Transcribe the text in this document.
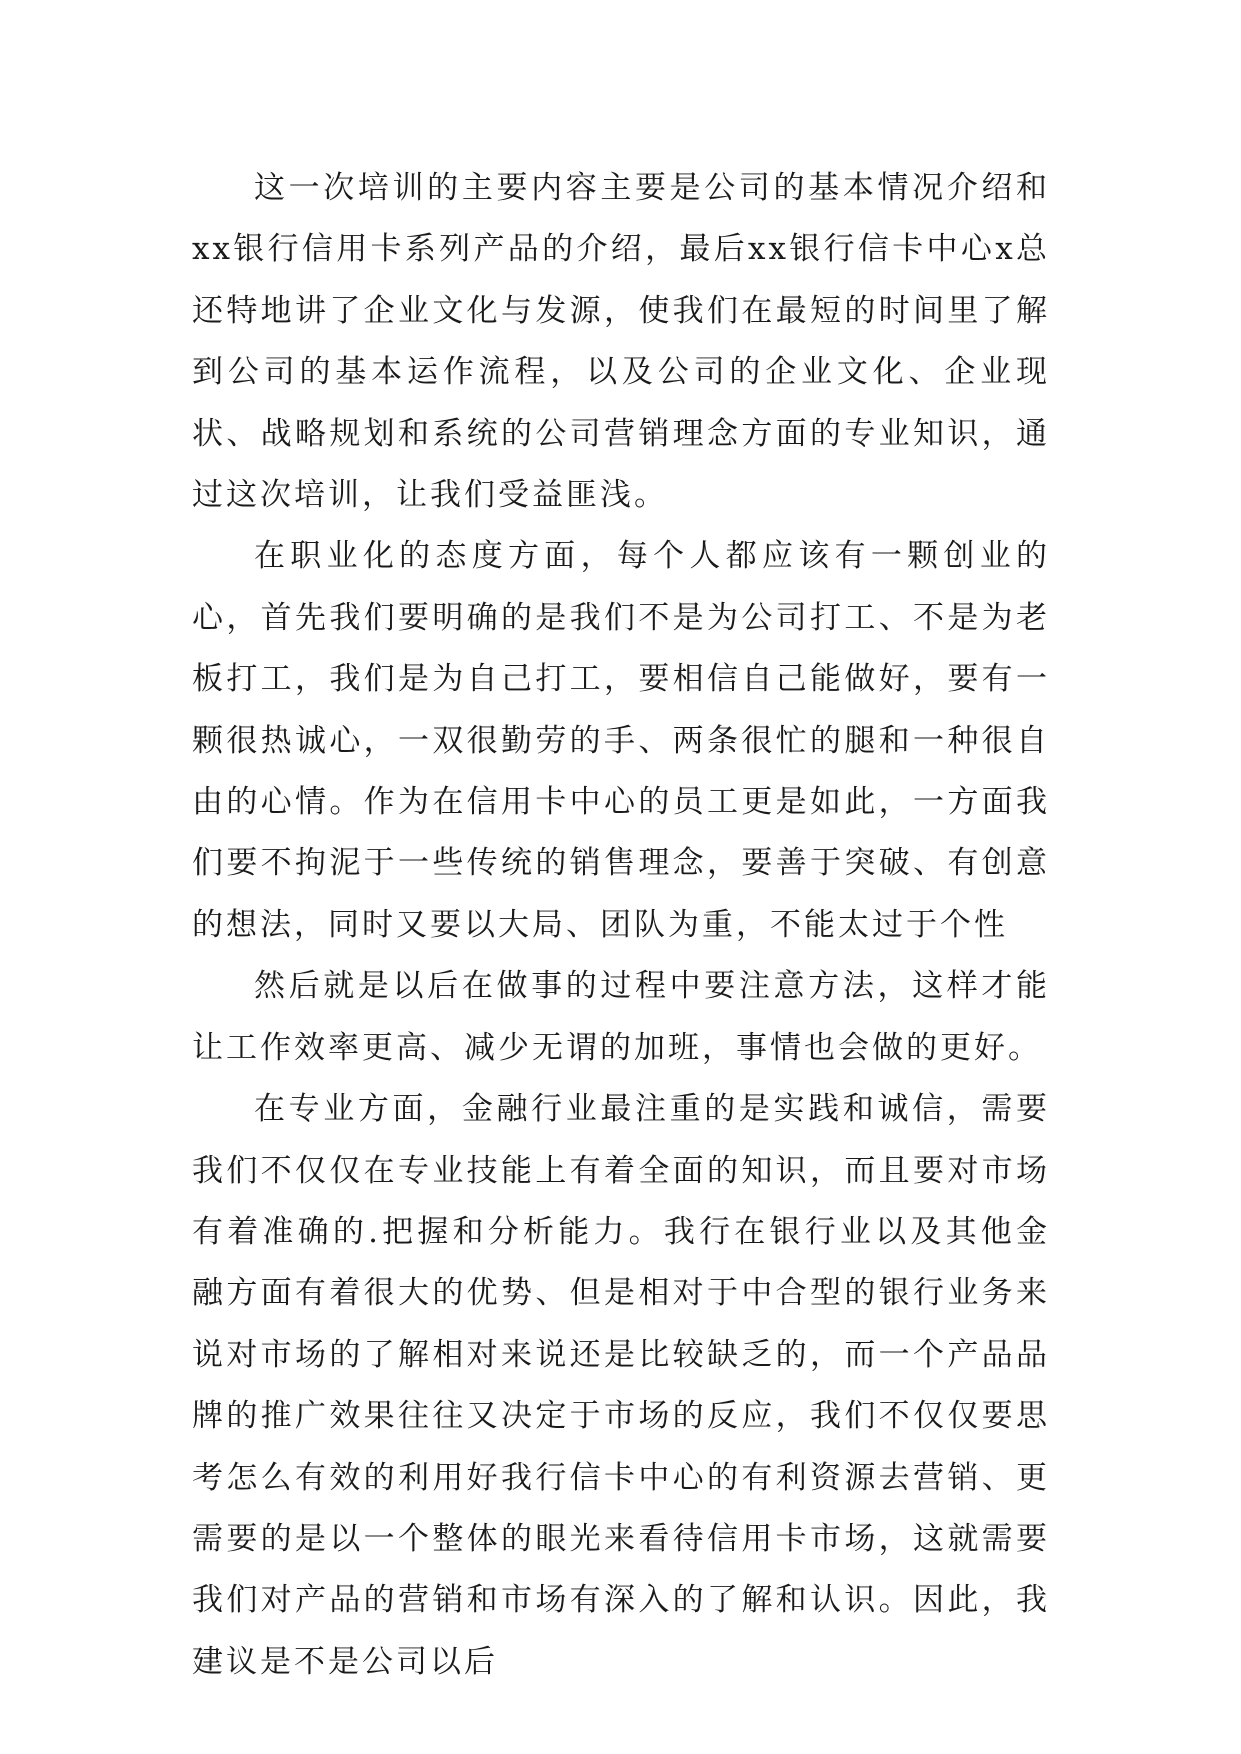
这一次培训的主要内容主要是公司的基本情况介绍和xx银行信用卡系列产品的介绍，最后xx银行信卡中心x总还特地讲了企业文化与发源，使我们在最短的时间里了解到公司的基本运作流程，以及公司的企业文化、企业现状、战略规划和系统的公司营销理念方面的专业知识，通过这次培训，让我们受益匪浅。

在职业化的态度方面，每个人都应该有一颗创业的心，首先我们要明确的是我们不是为公司打工、不是为老板打工，我们是为自己打工，要相信自己能做好，要有一颗很热诚心，一双很勤劳的手、两条很忙的腿和一种很自由的心情。作为在信用卡中心的员工更是如此，一方面我们要不拘泥于一些传统的销售理念，要善于突破、有创意的想法，同时又要以大局、团队为重，不能太过于个性

然后就是以后在做事的过程中要注意方法，这样才能让工作效率更高、减少无谓的加班，事情也会做的更好。

在专业方面，金融行业最注重的是实践和诚信，需要我们不仅仅在专业技能上有着全面的知识，而且要对市场有着准确的.把握和分析能力。我行在银行业以及其他金融方面有着很大的优势、但是相对于中合型的银行业务来说对市场的了解相对来说还是比较缺乏的，而一个产品品牌的推广效果往往又决定于市场的反应，我们不仅仅要思考怎么有效的利用好我行信卡中心的有利资源去营销、更需要的是以一个整体的眼光来看待信用卡市场，这就需要我们对产品的营销和市场有深入的了解和认识。因此，我建议是不是公司以后
